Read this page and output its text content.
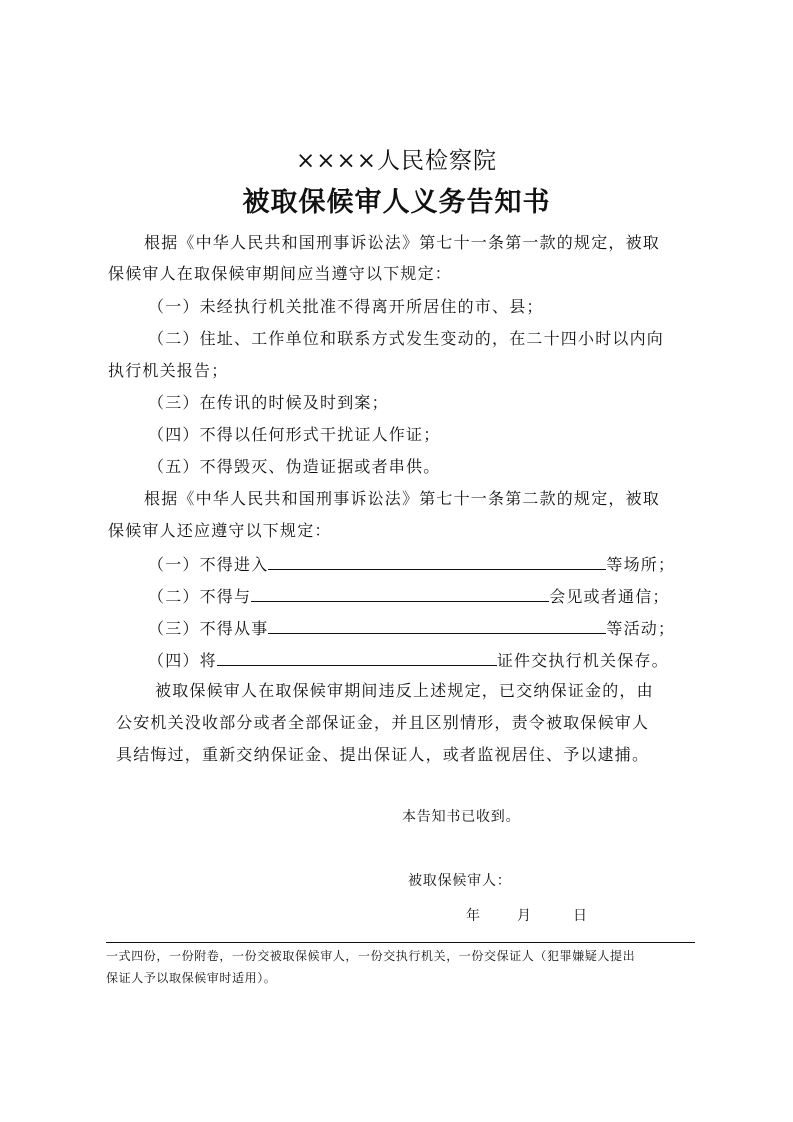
××××人民检察院
被取保候审人义务告知书
根据《中华人民共和国刑事诉讼法》第七十一条第一款的规定，被取
保候审人在取保候审期间应当遵守以下规定：
（一）未经执行机关批准不得离开所居住的市、县；
（二）住址、工作单位和联系方式发生变动的，在二十四小时以内向
执行机关报告；
（三）在传讯的时候及时到案；
（四）不得以任何形式干扰证人作证；
（五）不得毁灭、伪造证据或者串供。
根据《中华人民共和国刑事诉讼法》第七十一条第二款的规定，被取
保候审人还应遵守以下规定：
（一）不得进入	等场所；
（二）不得与	会见或者通信；
（三）不得从事	等活动；
（四）将	证件交执行机关保存。
被取保候审人在取保候审期间违反上述规定，已交纳保证金的，由
公安机关没收部分或者全部保证金，并且区别情形，责令被取保候审人
具结悔过，重新交纳保证金、提出保证人，或者监视居住、予以逮捕。
本告知书已收到。
被取保候审人：
年	月	日
一式四份，一份附卷，一份交被取保候审人，一份交执行机关，一份交保证人（犯罪嫌疑人提出
保证人予以取保候审时适用）。
